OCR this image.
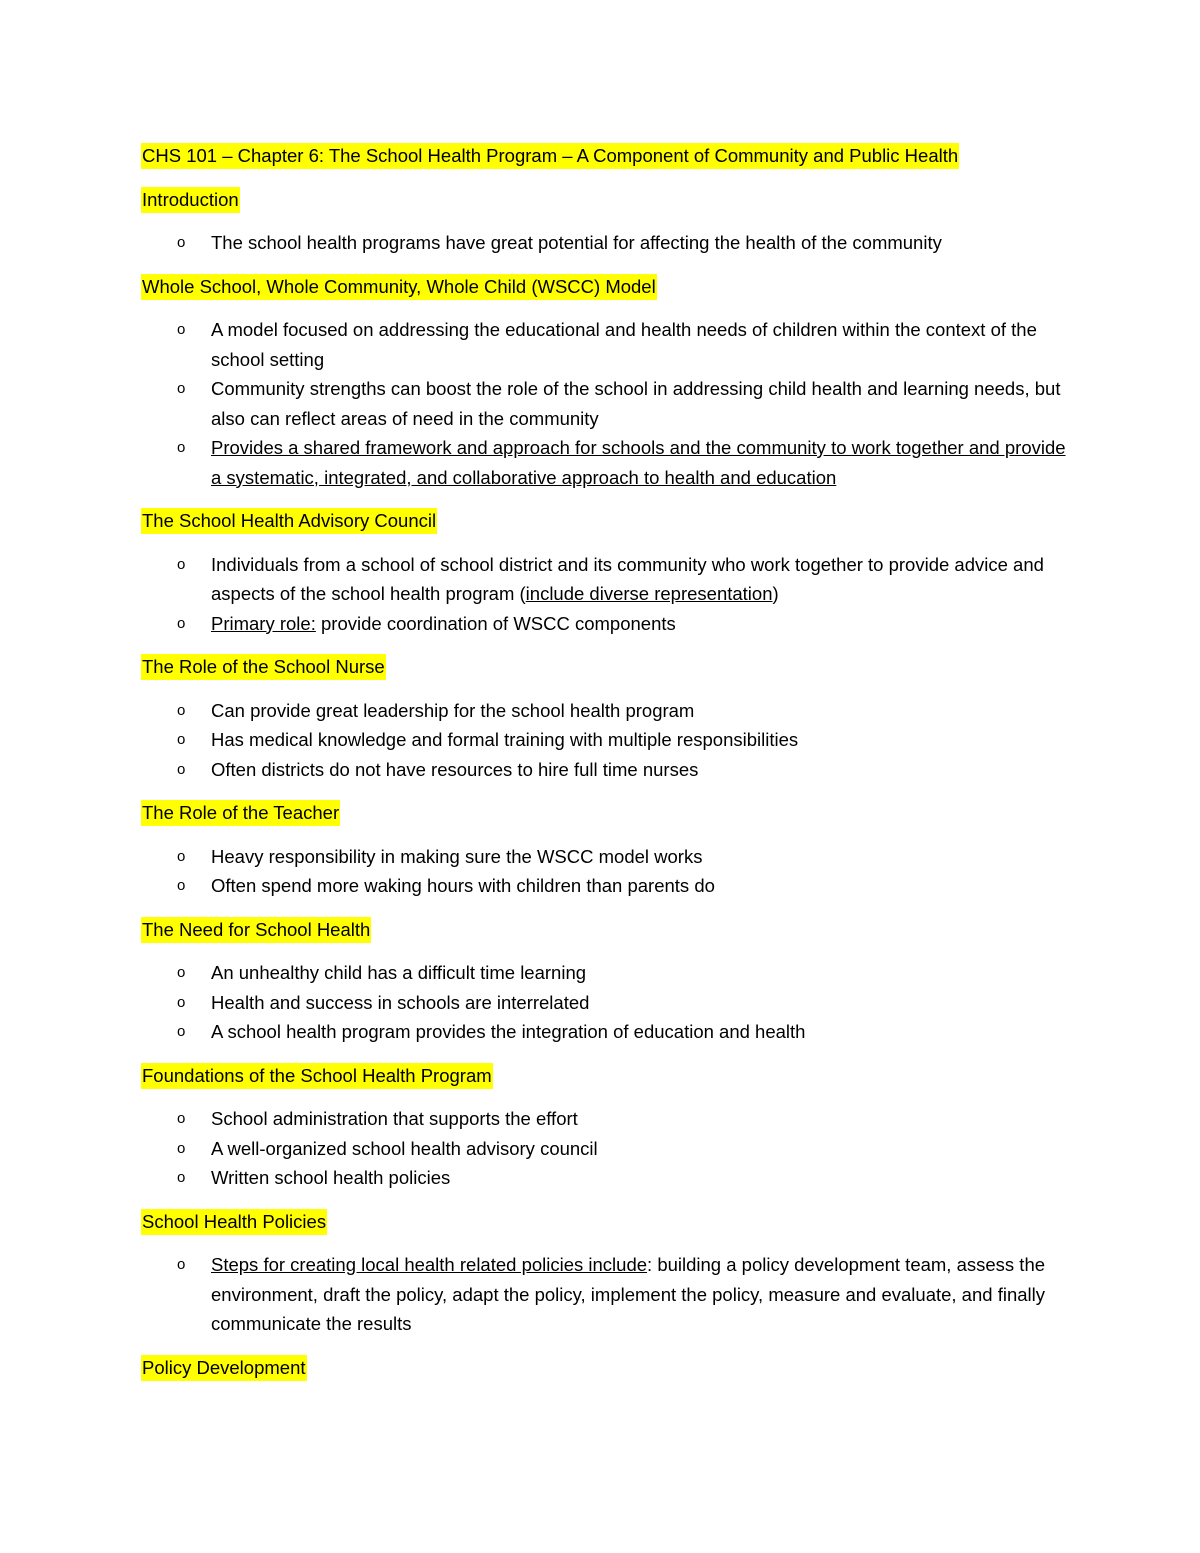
CHS 101 – Chapter 6: The School Health Program – A Component of Community and Public Health
Introduction
o The school health programs have great potential for affecting the health of the community
Whole School, Whole Community, Whole Child (WSCC) Model
o A model focused on addressing the educational and health needs of children within the context of the school setting
o Community strengths can boost the role of the school in addressing child health and learning needs, but also can reflect areas of need in the community
o Provides a shared framework and approach for schools and the community to work together and provide a systematic, integrated, and collaborative approach to health and education
The School Health Advisory Council
o Individuals from a school of school district and its community who work together to provide advice and aspects of the school health program (include diverse representation)
o Primary role: provide coordination of WSCC components
The Role of the School Nurse
o Can provide great leadership for the school health program
o Has medical knowledge and formal training with multiple responsibilities
o Often districts do not have resources to hire full time nurses
The Role of the Teacher
o Heavy responsibility in making sure the WSCC model works
o Often spend more waking hours with children than parents do
The Need for School Health
o An unhealthy child has a difficult time learning
o Health and success in schools are interrelated
o A school health program provides the integration of education and health
Foundations of the School Health Program
o School administration that supports the effort
o A well-organized school health advisory council
o Written school health policies
School Health Policies
o Steps for creating local health related policies include: building a policy development team, assess the environment, draft the policy, adapt the policy, implement the policy, measure and evaluate, and finally communicate the results
Policy Development
